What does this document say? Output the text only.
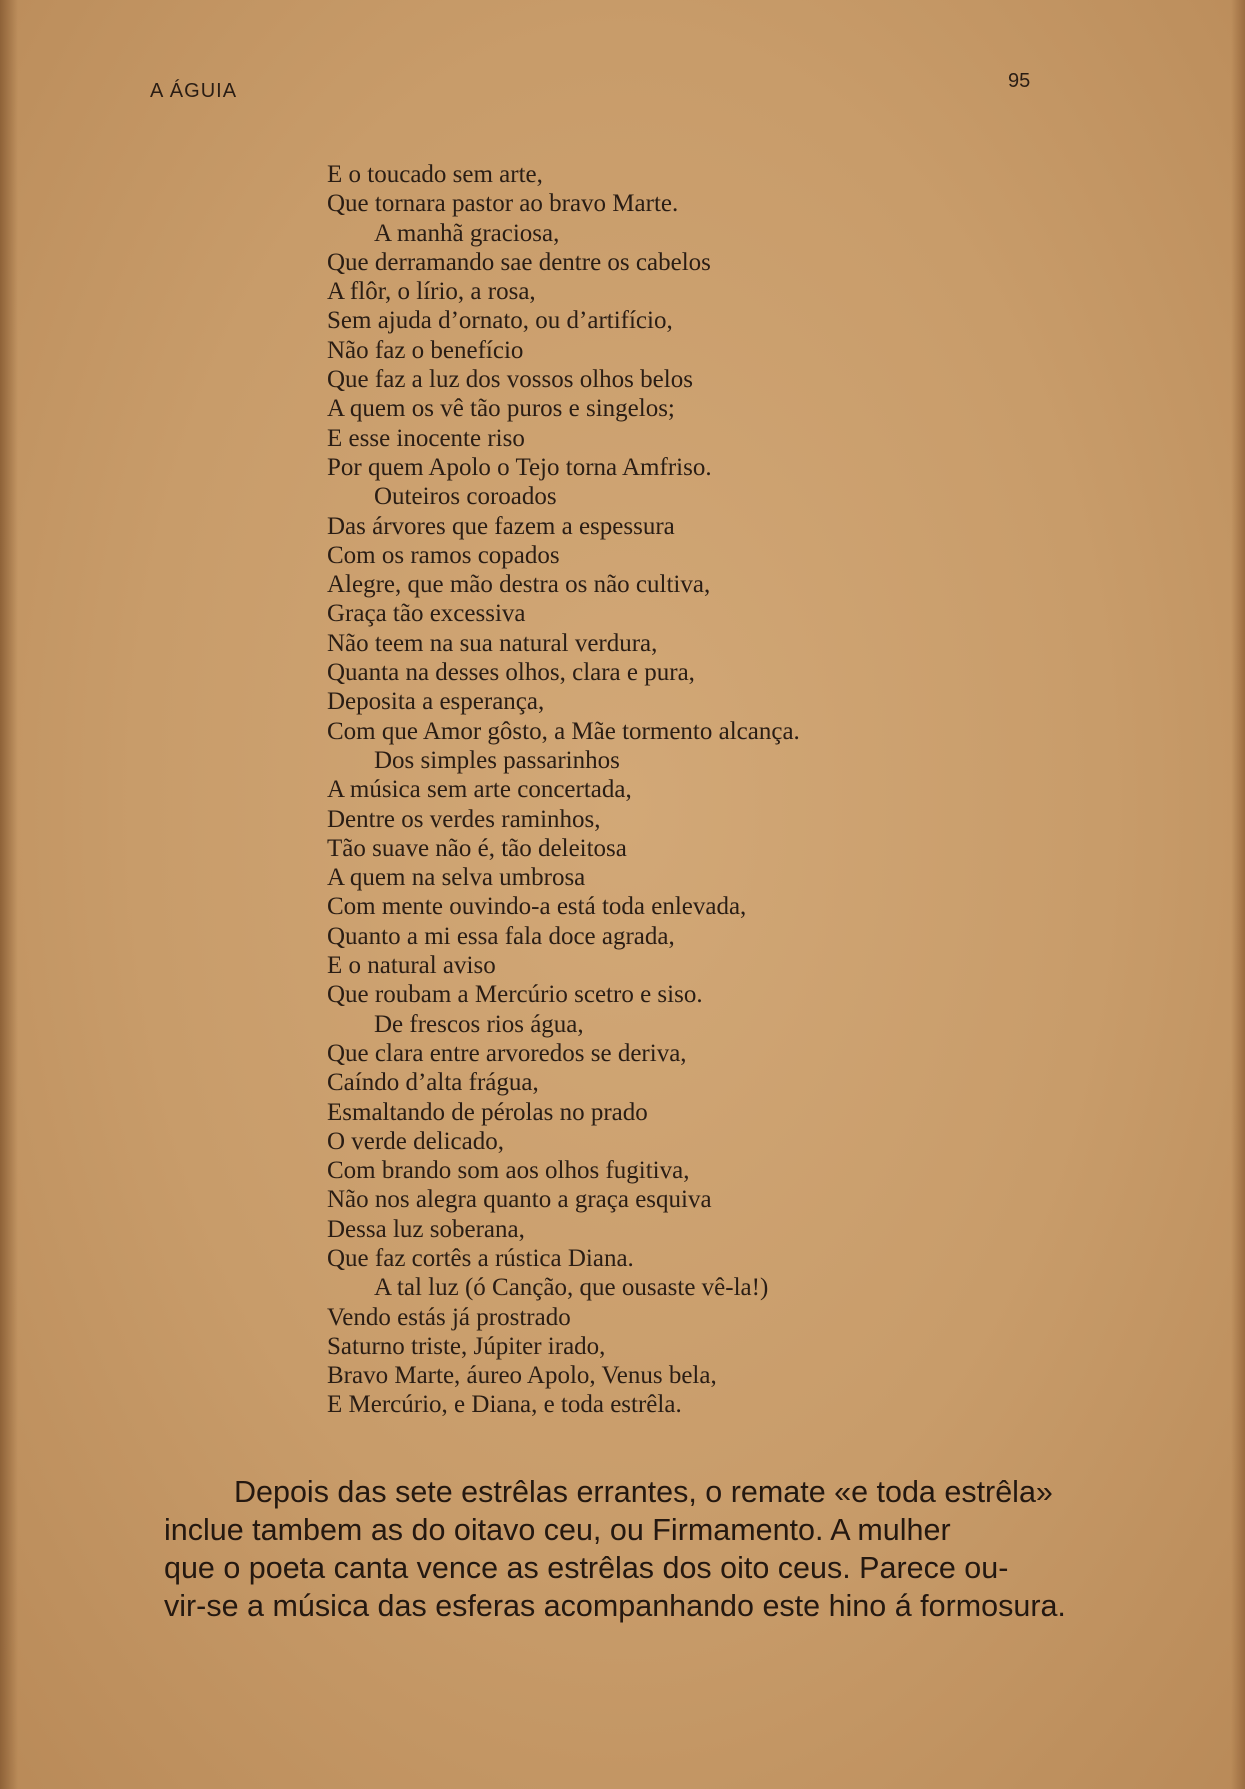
A ÁGUIA	95
E o toucado sem arte,
Que tornara pastor ao bravo Marte.
A manhã graciosa,
Que derramando sae dentre os cabelos
A flôr, o lírio, a rosa,
Sem ajuda d’ornato, ou d’artifício,
Não faz o benefício
Que faz a luz dos vossos olhos belos
A quem os vê tão puros e singelos;
E esse inocente riso
Por quem Apolo o Tejo torna Amfriso.
Outeiros coroados
Das árvores que fazem a espessura
Com os ramos copados
Alegre, que mão destra os não cultiva,
Graça tão excessiva
Não teem na sua natural verdura,
Quanta na desses olhos, clara e pura,
Deposita a esperança,
Com que Amor gôsto, a Mãe tormento alcança.
Dos simples passarinhos
A música sem arte concertada,
Dentre os verdes raminhos,
Tão suave não é, tão deleitosa
A quem na selva umbrosa
Com mente ouvindo-a está toda enlevada,
Quanto a mi essa fala doce agrada,
E o natural aviso
Que roubam a Mercúrio scetro e siso.
De frescos rios água,
Que clara entre arvoredos se deriva,
Caíndo d’alta frágua,
Esmaltando de pérolas no prado
O verde delicado,
Com brando som aos olhos fugitiva,
Não nos alegra quanto a graça esquiva
Dessa luz soberana,
Que faz cortês a rústica Diana.
A tal luz (ó Canção, que ousaste vê-la!)
Vendo estás já prostrado
Saturno triste, Júpiter irado,
Bravo Marte, áureo Apolo, Venus bela,
E Mercúrio, e Diana, e toda estrêla.
Depois das sete estrêlas errantes, o remate «e toda estrêla»
inclue tambem as do oitavo ceu, ou Firmamento. A mulher
que o poeta canta vence as estrêlas dos oito ceus. Parece ou-
vir-se a música das esferas acompanhando este hino á formosura.
